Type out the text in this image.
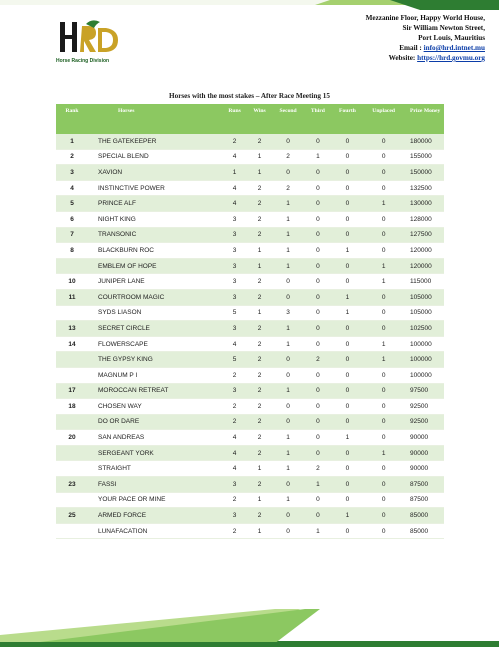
Horse Racing Division
Mezzanine Floor, Happy World House,
Sir William Newton Street,
Port Louis, Mauritius
Email : info@hrd.intnet.mu
Website: https://hrd.govmu.org
Horses with the most stakes – After Race Meeting 15
Rank	Horses	Runs	Wins	Second	Third	Fourth	Unplaced	Prize Money
1	THE GATEKEEPER	2	2	0	0	0	0	180000
2	SPECIAL BLEND	4	1	2	1	0	0	155000
3	XAVION	1	1	0	0	0	0	150000
4	INSTINCTIVE POWER	4	2	2	0	0	0	132500
5	PRINCE ALF	4	2	1	0	0	1	130000
6	NIGHT KING	3	2	1	0	0	0	128000
7	TRANSONIC	3	2	1	0	0	0	127500
8	BLACKBURN ROC	3	1	1	0	1	0	120000
	EMBLEM OF HOPE	3	1	1	0	0	1	120000
10	JUNIPER LANE	3	2	0	0	0	1	115000
11	COURTROOM MAGIC	3	2	0	0	1	0	105000
	SYDS LIASON	5	1	3	0	1	0	105000
13	SECRET CIRCLE	3	2	1	0	0	0	102500
14	FLOWERSCAPE	4	2	1	0	0	1	100000
	THE GYPSY KING	5	2	0	2	0	1	100000
	MAGNUM P I	2	2	0	0	0	0	100000
17	MOROCCAN RETREAT	3	2	1	0	0	0	97500
18	CHOSEN WAY	2	2	0	0	0	0	92500
	DO OR DARE	2	2	0	0	0	0	92500
20	SAN ANDREAS	4	2	1	0	1	0	90000
	SERGEANT YORK	4	2	1	0	0	1	90000
	STRAIGHT	4	1	1	2	0	0	90000
23	FASSI	3	2	0	1	0	0	87500
	YOUR PACE OR MINE	2	1	1	0	0	0	87500
25	ARMED FORCE	3	2	0	0	1	0	85000
	LUNAFACATION	2	1	0	1	0	0	85000
